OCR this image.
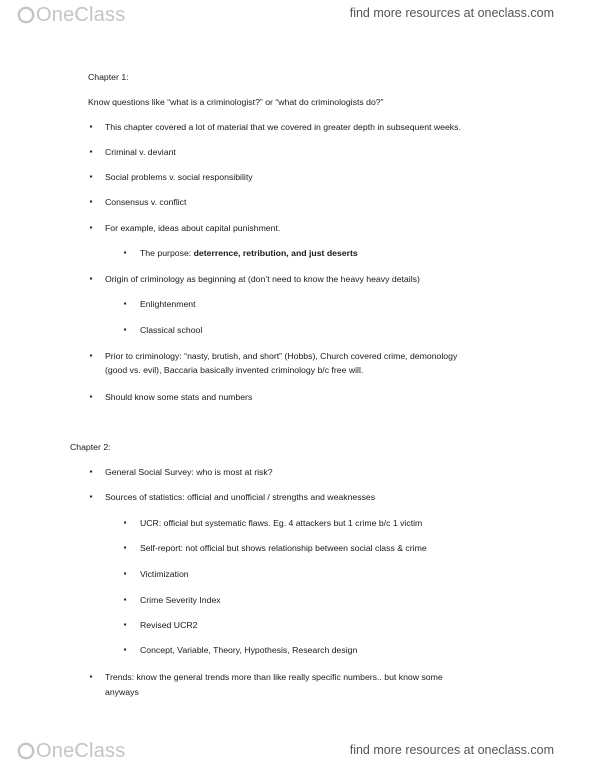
OneClass	find more resources at oneclass.com
Chapter 1:
Know questions like “what is a criminologist?” or “what do criminologists do?”
▪	This chapter covered a lot of material that we covered in greater depth in subsequent weeks.
▪	Criminal v. deviant
▪	Social problems v. social responsibility
▪	Consensus v. conflict
▪	For example, ideas about capital punishment.
▪	The purpose: deterrence, retribution, and just deserts
▪	Origin of criminology as beginning at (don’t need to know the heavy heavy details)
▪	Enlightenment
▪	Classical school
▪	Prior to criminology: “nasty, brutish, and short” (Hobbs), Church covered crime, demonology
(good vs. evil), Baccaria basically invented criminology b/c free will.
▪	Should know some stats and numbers
Chapter 2:
▪	General Social Survey: who is most at risk?
▪	Sources of statistics: official and unofficial / strengths and weaknesses
▪	UCR: official but systematic flaws. Eg. 4 attackers but 1 crime b/c 1 victim
▪	Self-report: not official but shows relationship between social class & crime
▪	Victimization
▪	Crime Severity Index
▪	Revised UCR2
▪	Concept, Variable, Theory, Hypothesis, Research design
▪	Trends: know the general trends more than like really specific numbers.. but know some
anyways
OneClass	find more resources at oneclass.com
